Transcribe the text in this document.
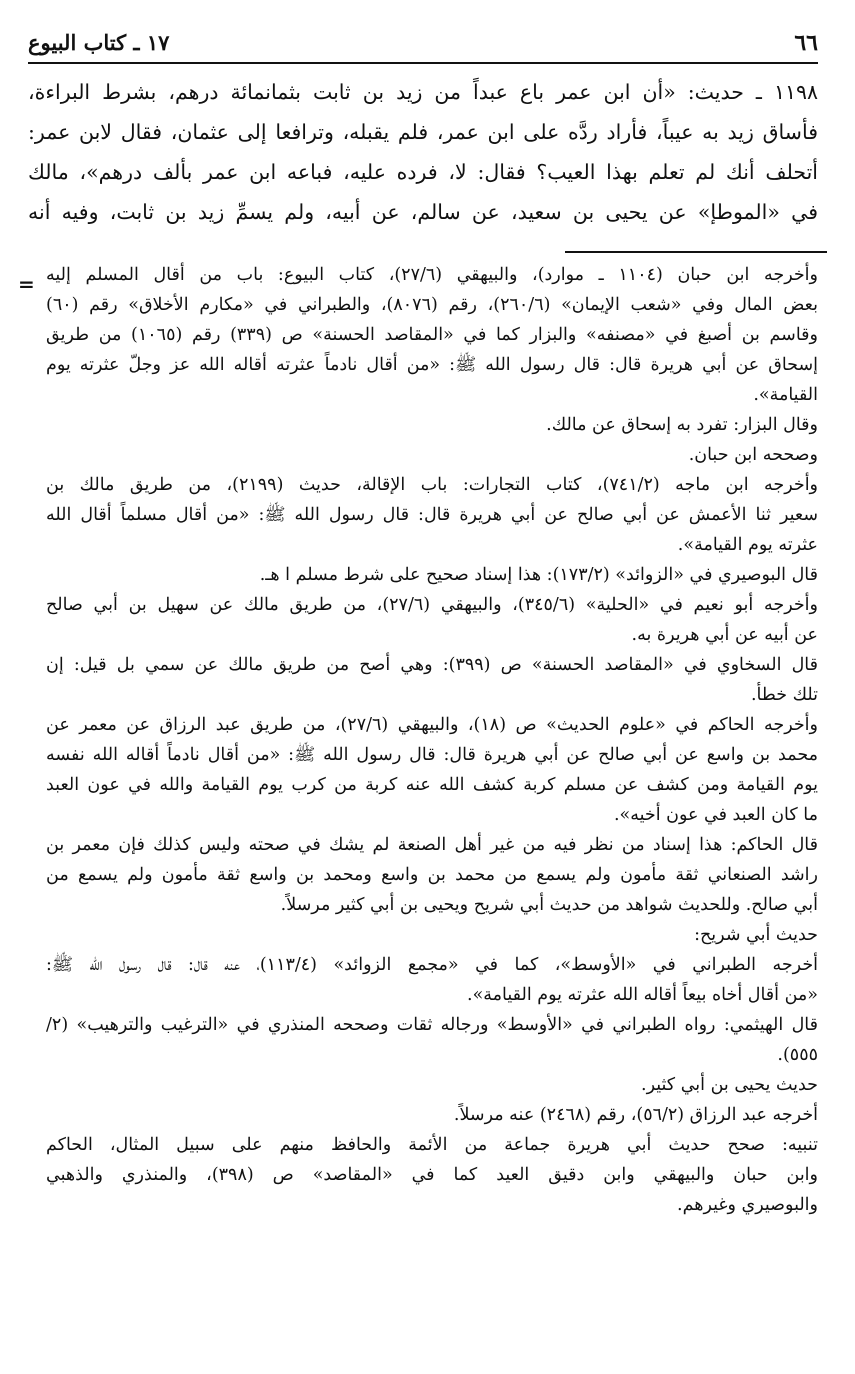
٦٦
١٧ ـ كتاب البيوع
١١٩٨ ـ حديث: «أن ابن عمر باع عبداً من زيد بن ثابت بثمانمائة درهم، بشرط البراءة،
فأساق زيد به عيباً، فأراد ردَّه على ابن عمر، فلم يقبله، وترافعا إلى عثمان، فقال لابن عمر:
أتحلف أنك لم تعلم بهذا العيب؟ فقال: لا، فرده عليه، فباعه ابن عمر بألف درهم»، مالك
في «الموطإ» عن يحيى بن سعيد، عن سالم، عن أبيه، ولم يسمِّ زيد بن ثابت، وفيه أنه
= وأخرجه ابن حبان (١١٠٤ ـ موارد)، والبيهقي (٢٧/٦)، كتاب البيوع: باب من أقال المسلم إليه
بعض المال وفي «شعب الإيمان» (٢٦٠/٦)، رقم (٨٠٧٦)، والطبراني في «مكارم الأخلاق» رقم (٦٠)
وقاسم بن أصبغ في «مصنفه» والبزار كما في «المقاصد الحسنة» ص (٣٣٩) رقم (١٠٦٥) من طريق
إسحاق عن أبي هريرة قال: قال رسول الله ﷺ: «من أقال نادماً عثرته أقاله الله عز وجلّ عثرته يوم
القيامة».
وقال البزار: تفرد به إسحاق عن مالك.
وصححه ابن حبان.
وأخرجه ابن ماجه (٧٤١/٢)، كتاب التجارات: باب الإقالة، حديث (٢١٩٩)، من طريق مالك بن
سعير ثنا الأعمش عن أبي صالح عن أبي هريرة قال: قال رسول الله ﷺ: «من أقال مسلماً أقال الله
عثرته يوم القيامة».
قال البوصيري في «الزوائد» (١٧٣/٢): هذا إسناد صحيح على شرط مسلم ا هـ.
وأخرجه أبو نعيم في «الحلية» (٣٤٥/٦)، والبيهقي (٢٧/٦)، من طريق مالك عن سهيل بن أبي صالح
عن أبيه عن أبي هريرة به.
قال السخاوي في «المقاصد الحسنة» ص (٣٩٩): وهي أصح من طريق مالك عن سمي بل قيل: إن
تلك خطأ.
وأخرجه الحاكم في «علوم الحديث» ص (١٨)، والبيهقي (٢٧/٦)، من طريق عبد الرزاق عن معمر عن
محمد بن واسع عن أبي صالح عن أبي هريرة قال: قال رسول الله ﷺ: «من أقال نادماً أقاله الله نفسه
يوم القيامة ومن كشف عن مسلم كربة كشف الله عنه كربة من كرب يوم القيامة والله في عون العبد
ما كان العبد في عون أخيه».
قال الحاكم: هذا إسناد من نظر فيه من غير أهل الصنعة لم يشك في صحته وليس كذلك فإن معمر بن
راشد الصنعاني ثقة مأمون ولم يسمع من محمد بن واسع ومحمد بن واسع ثقة مأمون ولم يسمع من
أبي صالح. وللحديث شواهد من حديث أبي شريح ويحيى بن أبي كثير مرسلاً.
حديث أبي شريح:
أخرجه الطبراني في «الأوسط»، كما في «مجمع الزوائد» (١١٣/٤)، عنه قال: قال رسول الله ﷺ:
«من أقال أخاه بيعاً أقاله الله عثرته يوم القيامة».
قال الهيثمي: رواه الطبراني في «الأوسط» ورجاله ثقات وصححه المنذري في «الترغيب والترهيب» (٢/
٥٥٥).
حديث يحيى بن أبي كثير.
أخرجه عبد الرزاق (٥٦/٢)، رقم (٢٤٦٨) عنه مرسلاً.
تنبيه: صحح حديث أبي هريرة جماعة من الأئمة والحافظ منهم على سبيل المثال، الحاكم
وابن حبان والبيهقي وابن دقيق العيد كما في «المقاصد» ص (٣٩٨)، والمنذري والذهبي
والبوصيري وغيرهم.
